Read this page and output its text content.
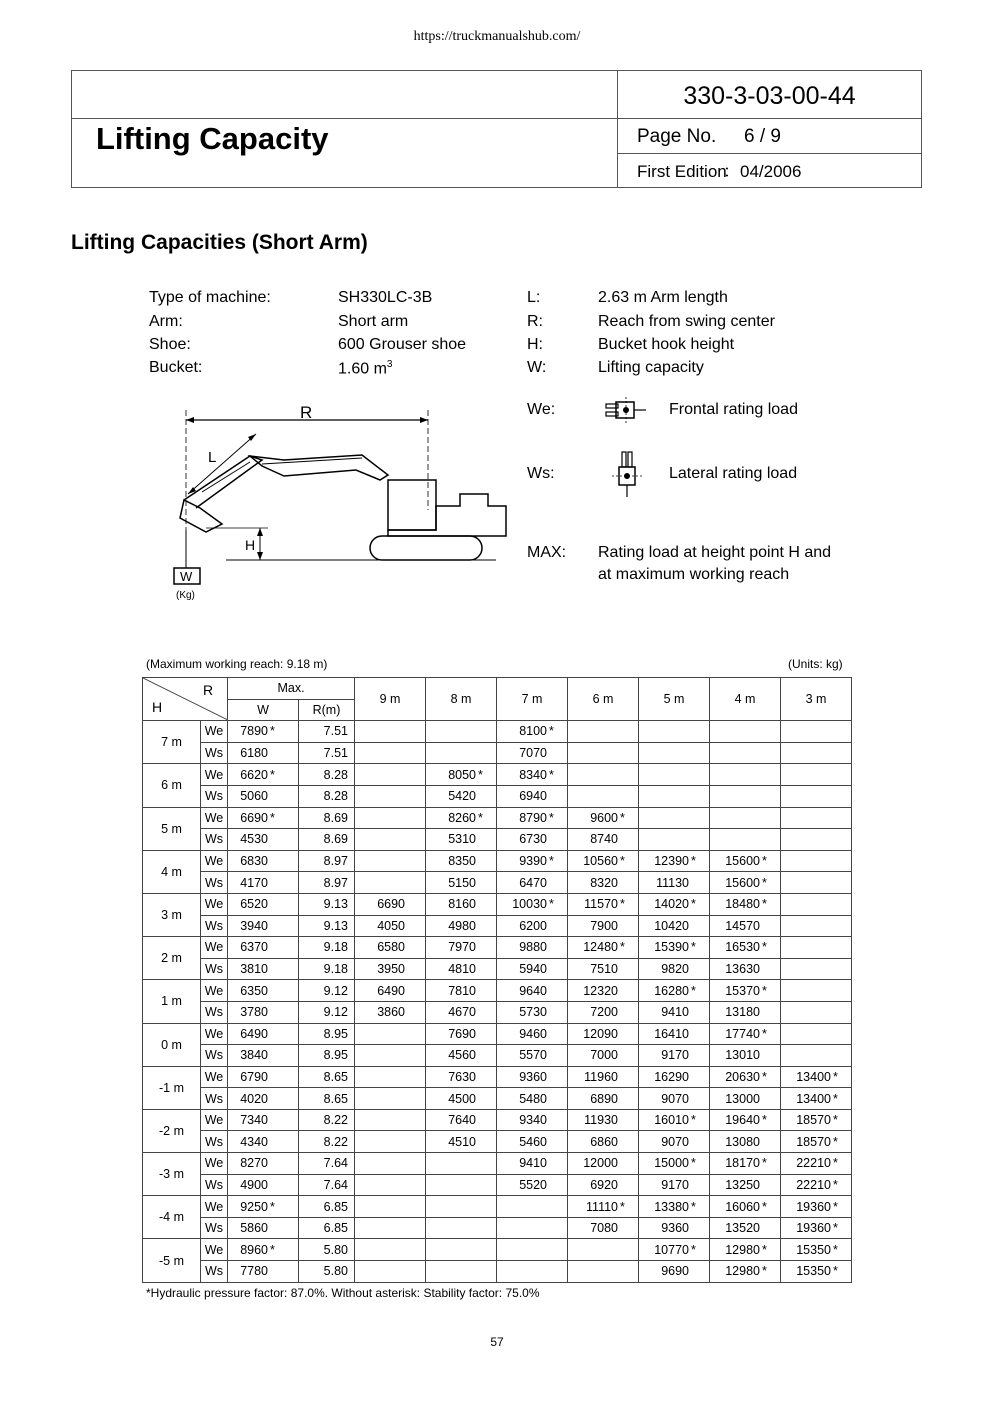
https://truckmanualshub.com/
330-3-03-00-44
Lifting Capacity	Page No. 6 / 9
First Edition
：04/2006
Lifting Capacities (Short Arm)
Type of machine:	SH330LC-3B
Arm:	Short arm
Shoe:	600 Grouser shoe
Bucket:	1.60 $m^3$
L:	2.63 m Arm length
R:	Reach from swing center
H:	Bucket hook height
W:	Lifting capacity
We:	Frontal rating load
Ws:	Lateral rating load
MAX: Rating load at height point H and
at maximum working reach
R
L
H
W
(Kg)
(Maximum working reach: 9.18 m)	(Units: kg)
R
H		Max.		9 m	8 m	7 m	6 m	5 m	4 m	3 m
		W	R(m)							
7 m	We	7890 *	7.51			8100 *				
	Ws	6180	7.51			7070				
6 m	We	6620 *	8.28		8050 *	8340 *				
	Ws	5060	8.28		5420	6940				
5 m	We	6690 *	8.69		8260 *	8790 *	9600 *			
	Ws	4530	8.69		5310	6730	8740			
4 m	We	6830	8.97		8350	9390 *	10560 *	12390 *	15600 *	
	Ws	4170	8.97		5150	6470	8320	11130	15600 *	
3 m	We	6520	9.13	6690	8160	10030 *	11570 *	14020 *	18480 *	
	Ws	3940	9.13	4050	4980	6200	7900	10420	14570	
2 m	We	6370	9.18	6580	7970	9880	12480 *	15390 *	16530 *	
	Ws	3810	9.18	3950	4810	5940	7510	9820	13630	
1 m	We	6350	9.12	6490	7810	9640	12320	16280 *	15370 *	
	Ws	3780	9.12	3860	4670	5730	7200	9410	13180	
0 m	We	6490	8.95		7690	9460	12090	16410	17740 *	
	Ws	3840	8.95		4560	5570	7000	9170	13010	
-1 m	We	6790	8.65		7630	9360	11960	16290	20630 *	13400 *
	Ws	4020	8.65		4500	5480	6890	9070	13000	13400 *
-2 m	We	7340	8.22		7640	9340	11930	16010 *	19640 *	18570 *
	Ws	4340	8.22		4510	5460	6860	9070	13080	18570 *
-3 m	We	8270	7.64			9410	12000	15000 *	18170 *	22210 *
	Ws	4900	7.64			5520	6920	9170	13250	22210 *
-4 m	We	9250 *	6.85				11110 *	13380 *	16060 *	19360 *
	Ws	5860	6.85				7080	9360	13520	19360 *
-5 m	We	8960 *	5.80					10770 *	12980 *	15350 *
	Ws	7780	5.80					9690	12980 *	15350 *
*Hydraulic pressure factor: 87.0%. Without asterisk: Stability factor: 75.0%
57
